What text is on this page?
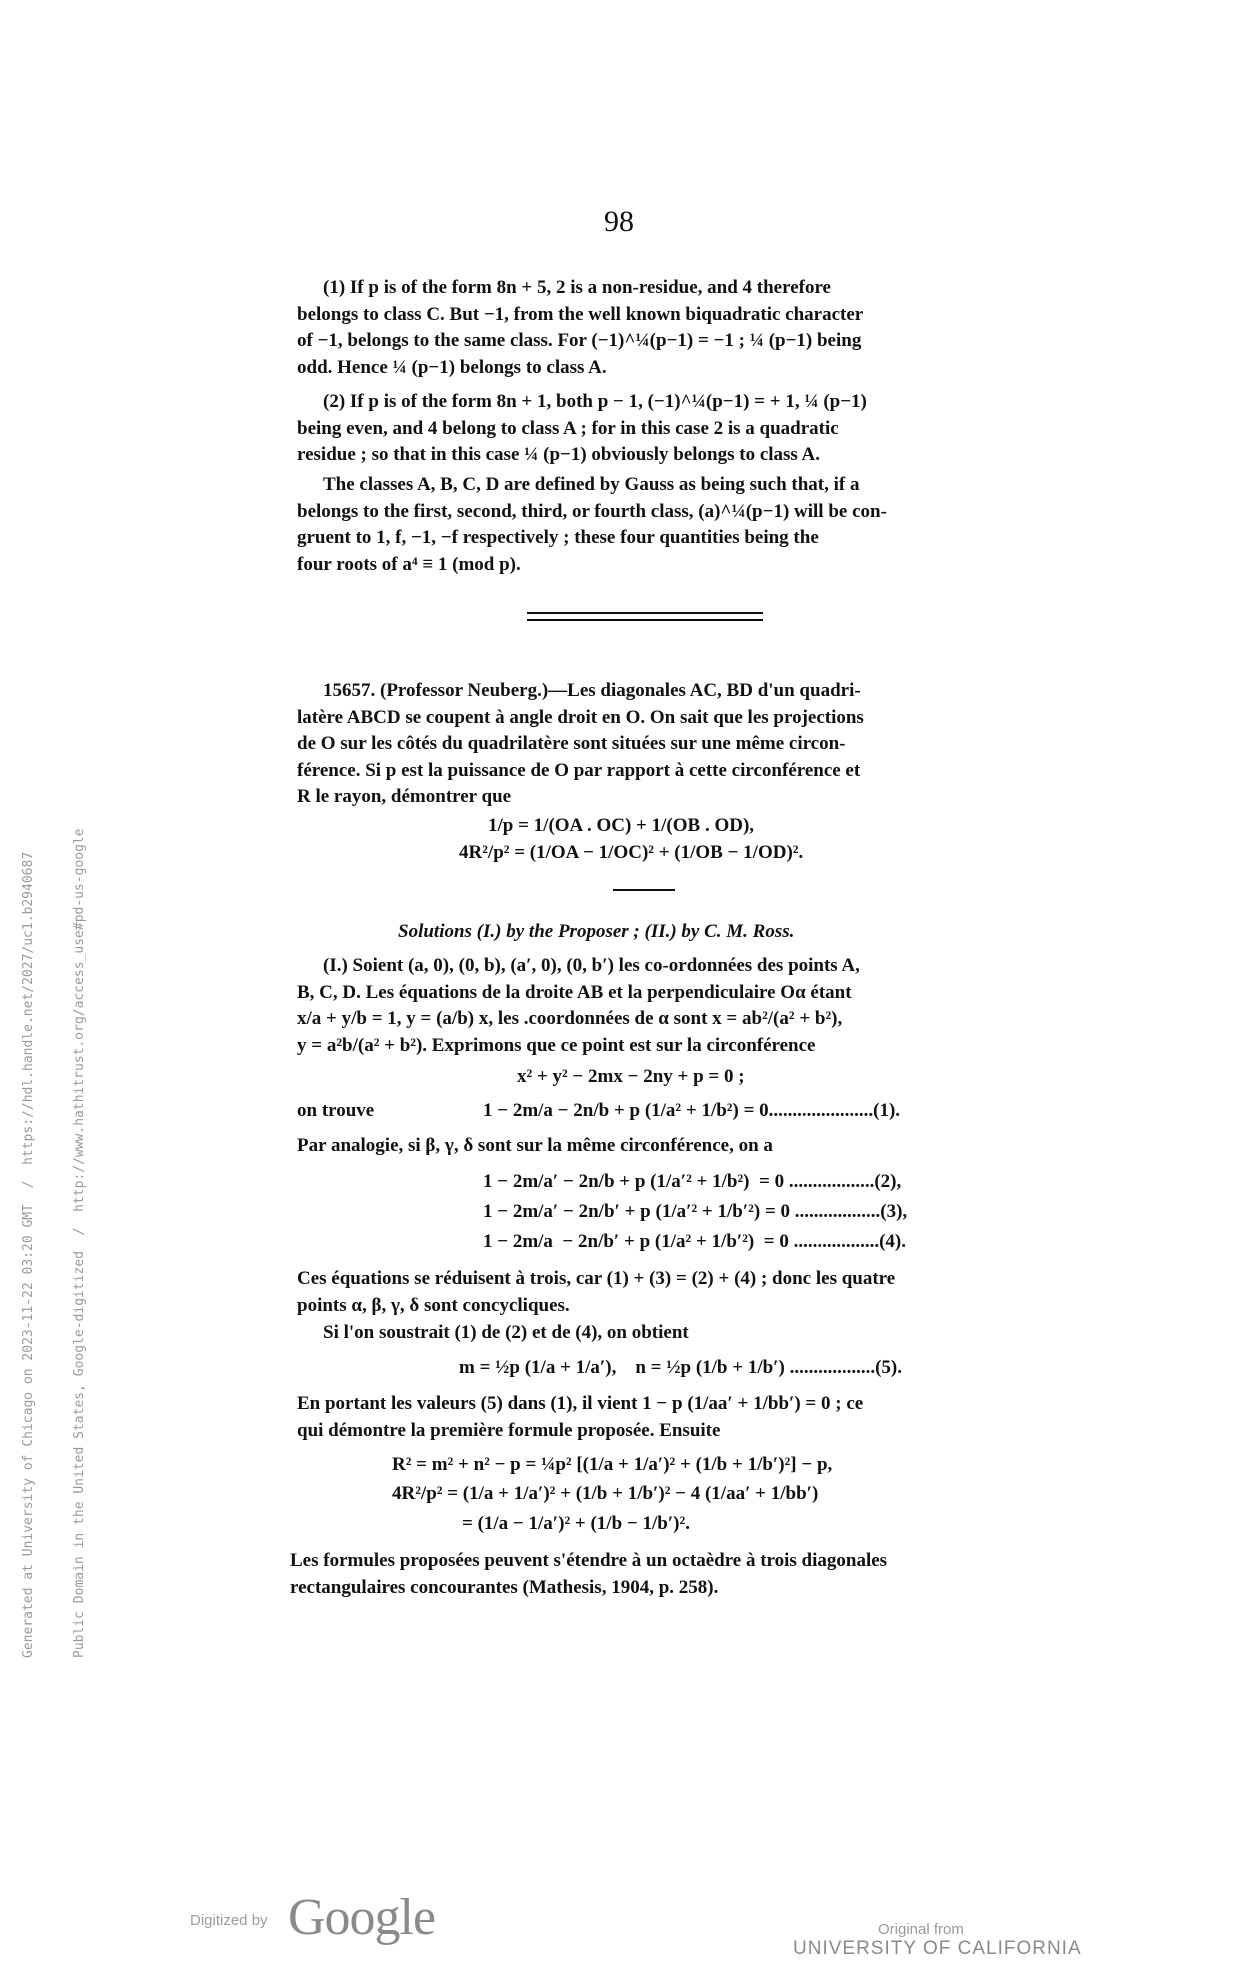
98
(1) If p is of the form 8n + 5, 2 is a non-residue, and 4 therefore
belongs to class C. But −1, from the well known biquadratic character
of −1, belongs to the same class. For (−1)^¼(p−1) = −1 ; ¼ (p−1) being
odd. Hence ¼ (p−1) belongs to class A.
(2) If p is of the form 8n + 1, both p − 1, (−1)^¼(p−1) = + 1, ¼ (p−1)
being even, and 4 belong to class A ; for in this case 2 is a quadratic
residue ; so that in this case ¼ (p−1) obviously belongs to class A.
The classes A, B, C, D are defined by Gauss as being such that, if a
belongs to the first, second, third, or fourth class, (a)^¼(p−1) will be con-
gruent to 1, f, −1, −f respectively ; these four quantities being the
four roots of a⁴ ≡ 1 (mod p).
15657. (Professor Neuberg.)—Les diagonales AC, BD d'un quadri-
latère ABCD se coupent à angle droit en O. On sait que les projections
de O sur les côtés du quadrilatère sont situées sur une même circon-
férence. Si p est la puissance de O par rapport à cette circonférence et
R le rayon, démontrer que
1/p = 1/(OA . OC) + 1/(OB . OD),
4R²/p² = (1/OA − 1/OC)² + (1/OB − 1/OD)².
Solutions (I.) by the Proposer ; (II.) by C. M. Ross.
(I.) Soient (a, 0), (0, b), (a′, 0), (0, b′) les co-ordonnées des points A,
B, C, D. Les équations de la droite AB et la perpendiculaire Oα étant
x/a + y/b = 1, y = (a/b) x, les .coordonnées de α sont x = ab²/(a² + b²),
y = a²b/(a² + b²). Exprimons que ce point est sur la circonférence
x² + y² − 2mx − 2ny + p = 0 ;
on trouve	1 − 2m/a − 2n/b + p (1/a² + 1/b²) = 0......................(1).
Par analogie, si β, γ, δ sont sur la même circonférence, on a
1 − 2m/a′ − 2n/b + p (1/a′² + 1/b²)  = 0 ..................(2),
1 − 2m/a′ − 2n/b′ + p (1/a′² + 1/b′²) = 0 ..................(3),
1 − 2m/a  − 2n/b′ + p (1/a² + 1/b′²)  = 0 ..................(4).
Ces équations se réduisent à trois, car (1) + (3) = (2) + (4) ; donc les quatre
points α, β, γ, δ sont concycliques.
Si l'on soustrait (1) de (2) et de (4), on obtient
m = ½p (1/a + 1/a′),    n = ½p (1/b + 1/b′) ..................(5).
En portant les valeurs (5) dans (1), il vient 1 − p (1/aa′ + 1/bb′) = 0 ; ce
qui démontre la première formule proposée. Ensuite
R² = m² + n² − p = ¼p² [(1/a + 1/a′)² + (1/b + 1/b′)²] − p,
4R²/p² = (1/a + 1/a′)² + (1/b + 1/b′)² − 4 (1/aa′ + 1/bb′)
= (1/a − 1/a′)² + (1/b − 1/b′)².
Les formules proposées peuvent s'étendre à un octaèdre à trois diagonales
rectangulaires concourantes (Mathesis, 1904, p. 258).

Generated at University of Chicago on 2023-11-22 03:20 GMT  /  https://hdl.handle.net/2027/uc1.b2940687

	Public Domain in the United States, Google-digitized  /  http://www.hathitrust.org/access_use#pd-us-google

Digitized by Google	Original from
UNIVERSITY OF CALIFORNIA
